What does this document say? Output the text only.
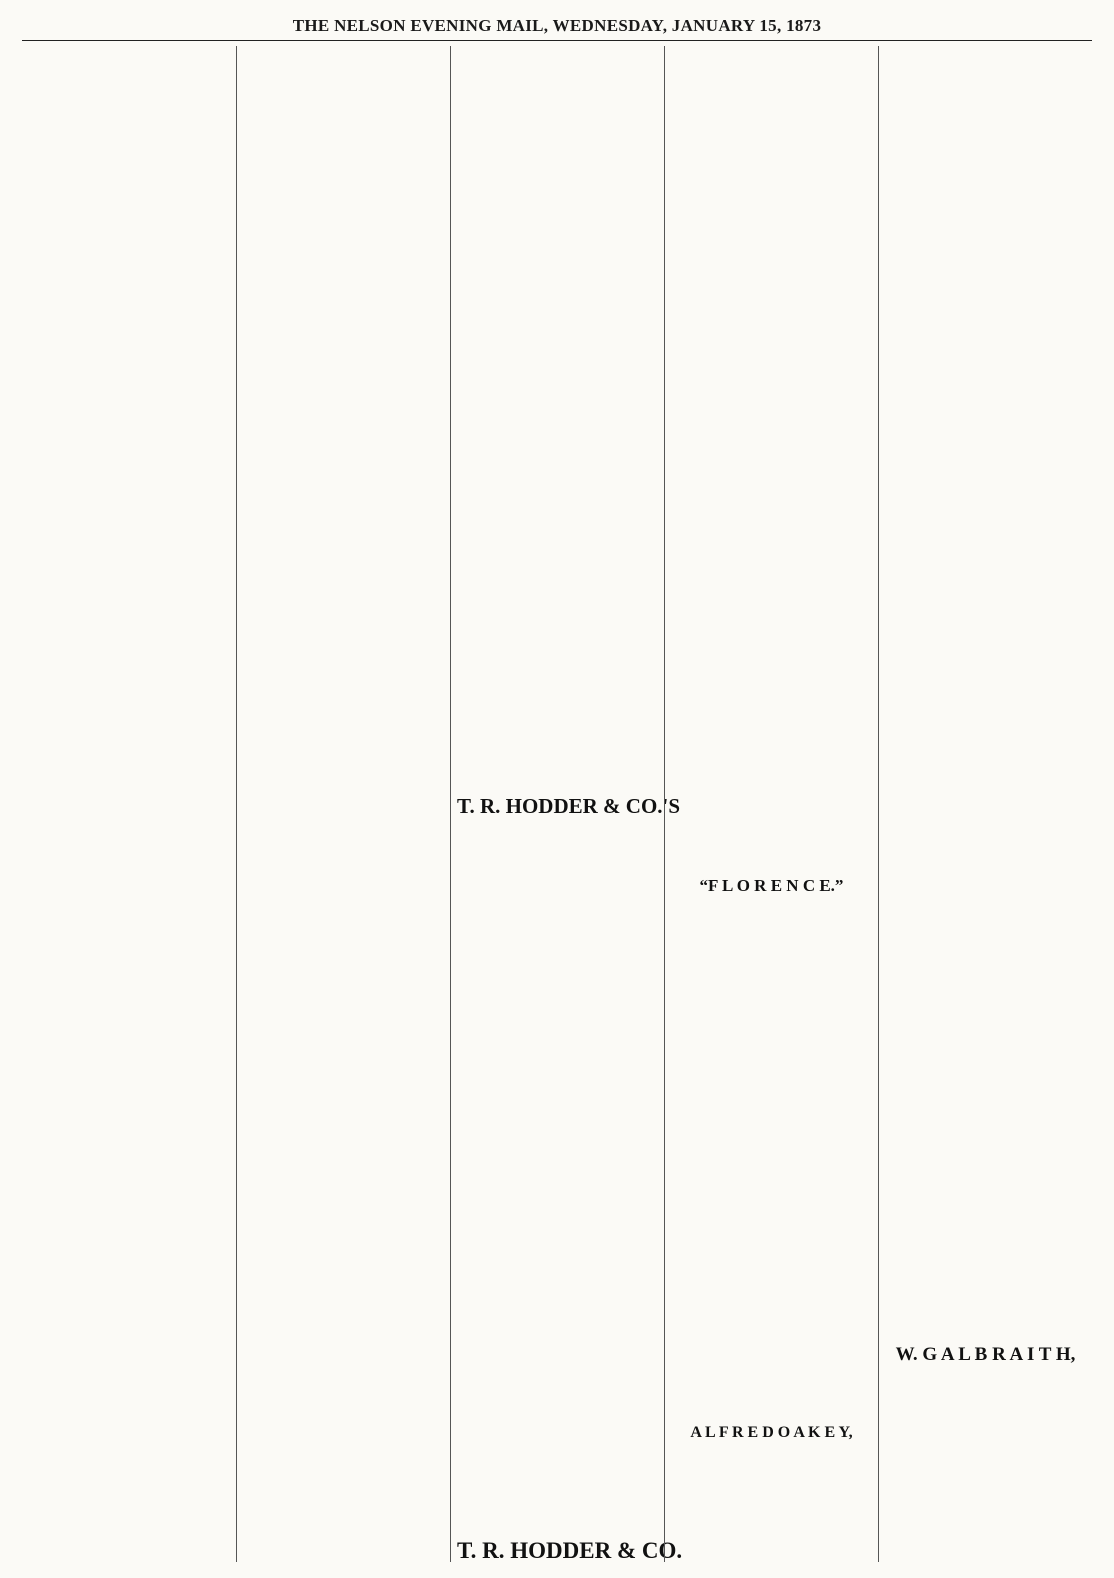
THE NELSON EVENING MAIL, WEDNESDAY, JANUARY 15, 1873
T. R. HODDER & CO.'S
T. R. HODDER & CO.
“F L O R E N C E.”
A L F R E D O A K E Y,
W. G A L B R A I T H,
